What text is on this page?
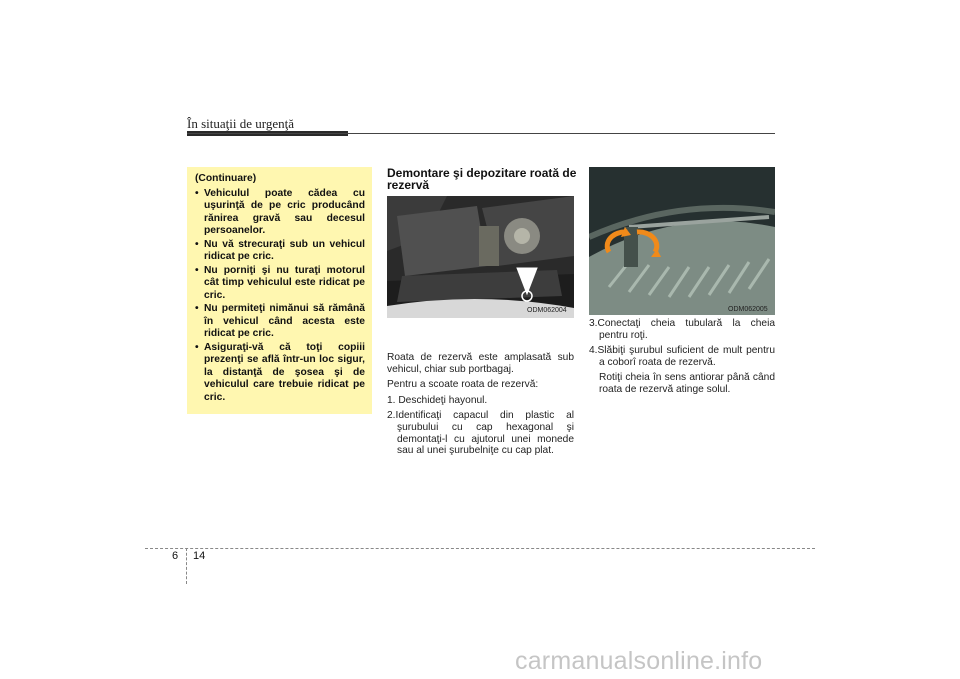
În situaţii de urgenţă
(Continuare)
• Vehiculul poate cădea cu uşurinţă de pe cric producând rănirea gravă sau decesul persoanelor.
• Nu vă strecuraţi sub un vehicul ridicat pe cric.
• Nu porniţi şi nu turaţi motorul cât timp vehiculul este ridicat pe cric.
• Nu permiteţi nimănui să rămână în vehicul când acesta este ridicat pe cric.
• Asiguraţi-vă că toţi copiii prezenţi se află într-un loc sigur, la distanţă de şosea şi de vehiculul care trebuie ridicat pe cric.
Demontare şi depozitare roată de rezervă
ODM062004

Roata de rezervă este amplasată sub vehicul, chiar sub portbagaj.

Pentru a scoate roata de rezervă:

1. Deschideţi hayonul.

2.Identificaţi capacul din plastic al şurubului cu cap hexagonal şi demontaţi-l cu ajutorul unei monede sau al unei şurubelniţe cu cap plat.

ODM062005

3.Conectaţi cheia tubulară la cheia pentru roţi.

4.Slăbiţi şurubul suficient de mult pentru a coborî roata de rezervă.

Rotiţi cheia în sens antiorar până când roata de rezervă atinge solul.

6 14
carmanualsonline.info
